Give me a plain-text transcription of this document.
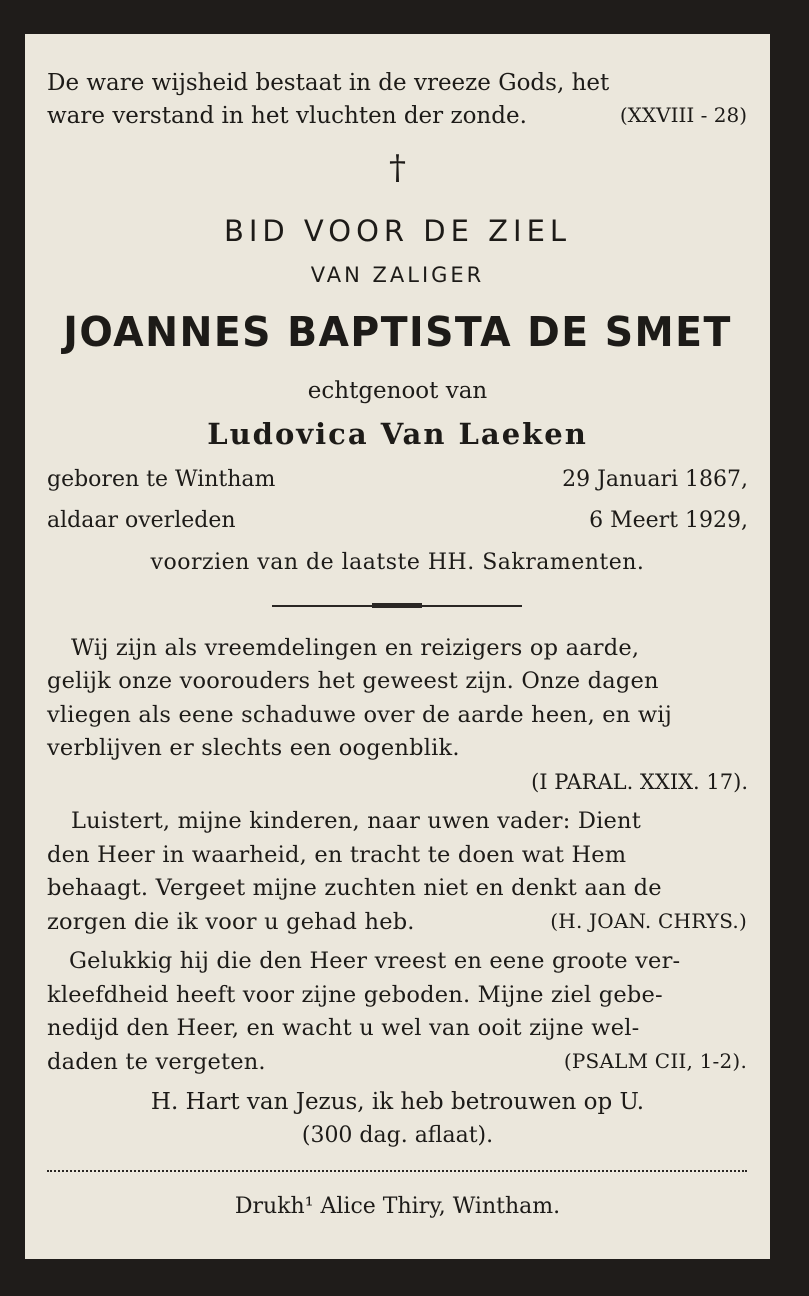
De ware wijsheid bestaat in de vreeze Gods, het
ware verstand in het vluchten der zonde.	(XXVIII - 28)
†
BID VOOR DE ZIEL
VAN ZALIGER
JOANNES BAPTISTA DE SMET
echtgenoot van
Ludovica Van Laeken
geboren te Wintham	29 Januari 1867,
aldaar overleden	6 Meert 1929,
voorzien van de laatste HH. Sakramenten.
Wij zijn als vreemdelingen en reizigers op aarde,
gelijk onze voorouders het geweest zijn. Onze dagen
vliegen als eene schaduwe over de aarde heen, en wij
verblijven er slechts een oogenblik.
(I PARAL. XXIX. 17).
Luistert, mijne kinderen, naar uwen vader: Dient
den Heer in waarheid, en tracht te doen wat Hem
behaagt. Vergeet mijne zuchten niet en denkt aan de
zorgen die ik voor u gehad heb.	(H. JOAN. CHRYS.)
Gelukkig hij die den Heer vreest en eene groote ver-
kleefdheid heeft voor zijne geboden. Mijne ziel gebe-
nedijd den Heer, en wacht u wel van ooit zijne wel-
daden te vergeten.	(PSALM CII, 1-2).
H. Hart van Jezus, ik heb betrouwen op U.
(300 dag. aflaat).
Drukh¹ Alice Thiry, Wintham.
